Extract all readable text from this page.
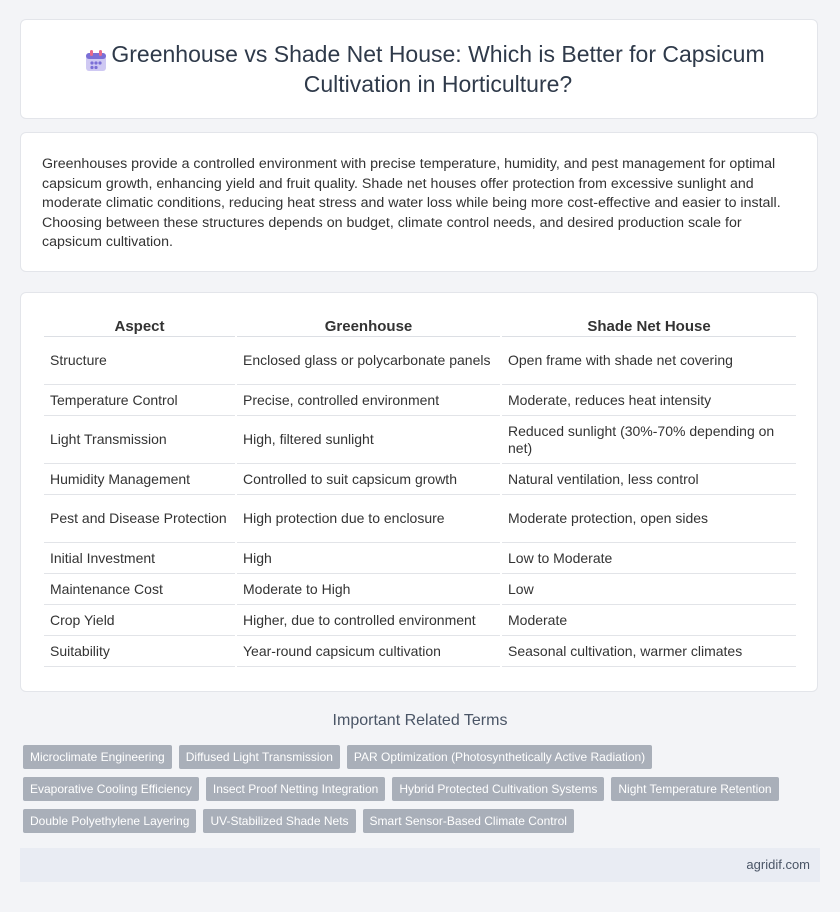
Greenhouse vs Shade Net House: Which is Better for Capsicum Cultivation in Horticulture?

Greenhouses provide a controlled environment with precise temperature, humidity, and pest management for optimal capsicum growth, enhancing yield and fruit quality. Shade net houses offer protection from excessive sunlight and moderate climatic conditions, reducing heat stress and water loss while being more cost-effective and easier to install. Choosing between these structures depends on budget, climate control needs, and desired production scale for capsicum cultivation.

Aspect	Greenhouse	Shade Net House
Structure	Enclosed glass or polycarbonate panels	Open frame with shade net covering
Temperature Control	Precise, controlled environment	Moderate, reduces heat intensity
Light Transmission	High, filtered sunlight	Reduced sunlight (30%-70% depending on net)
Humidity Management	Controlled to suit capsicum growth	Natural ventilation, less control
Pest and Disease Protection	High protection due to enclosure	Moderate protection, open sides
Initial Investment	High	Low to Moderate
Maintenance Cost	Moderate to High	Low
Crop Yield	Higher, due to controlled environment	Moderate
Suitability	Year-round capsicum cultivation	Seasonal cultivation, warmer climates
Important Related Terms
Microclimate Engineering	Diffused Light Transmission	PAR Optimization (Photosynthetically Active Radiation)
Evaporative Cooling Efficiency	Insect Proof Netting Integration	Hybrid Protected Cultivation Systems	Night Temperature Retention
Double Polyethylene Layering	UV-Stabilized Shade Nets	Smart Sensor-Based Climate Control
agridif.com
